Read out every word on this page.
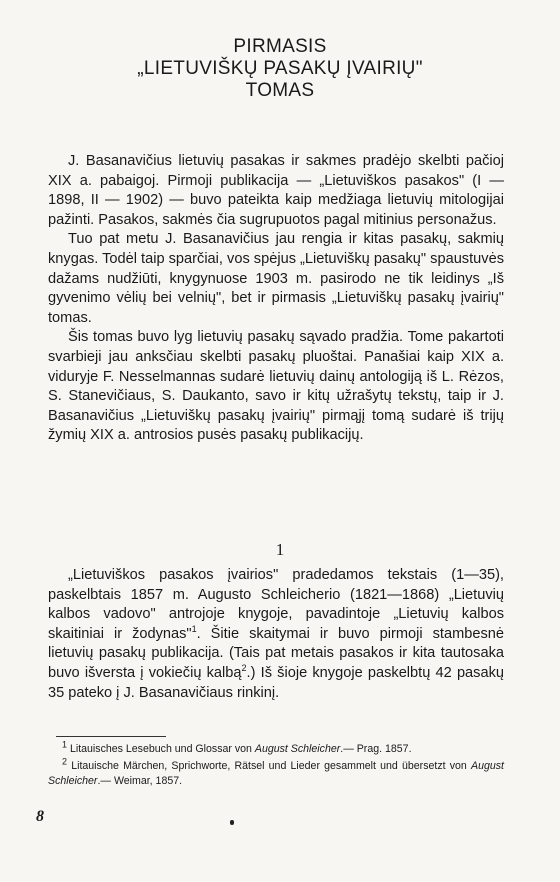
PIRMASIS
„LIETUVIŠKŲ PASAKŲ ĮVAIRIŲ"
TOMAS

J. Basanavičius lietuvių pasakas ir sakmes pradėjo skelbti pačioj XIX a. pabaigoj. Pirmoji publikacija — „Lietuviškos pasakos" (I — 1898, II — 1902) — buvo pateikta kaip medžiaga lietuvių mitologijai pažinti. Pasakos, sakmės čia sugrupuotos pagal mitinius personažus.

Tuo pat metu J. Basanavičius jau rengia ir kitas pasakų, sakmių knygas. Todėl taip sparčiai, vos spėjus „Lietuviškų pasakų" spaustuvės dažams nudžiūti, knygynuose 1903 m. pasirodo ne tik leidinys „Iš gyvenimo vėlių bei velnių", bet ir pirmasis „Lietuviškų pasakų įvairių" tomas.

Šis tomas buvo lyg lietuvių pasakų sąvado pradžia. Tome pakartoti svarbieji jau anksčiau skelbti pasakų pluoštai. Panašiai kaip XIX a. viduryje F. Nesselmannas sudarė lietuvių dainų antologiją iš L. Rėzos, S. Stanevičiaus, S. Daukanto, savo ir kitų užrašytų tekstų, taip ir J. Basanavičius „Lietuviškų pasakų įvairių" pirmąjį tomą sudarė iš trijų žymių XIX a. antrosios pusės pasakų publikacijų.

1

„Lietuviškos pasakos įvairios" pradedamos tekstais (1—35), paskelbtais 1857 m. Augusto Schleicherio (1821—1868) „Lietuvių kalbos vadovo" antrojoje knygoje, pavadintoje „Lietuvių kalbos skaitiniai ir žodynas"$^1$. Šitie skaitymai ir buvo pirmoji stambesnė lietuvių pasakų publikacija. (Tais pat metais pasakos ir kita tautosaka buvo išversta į vokiečių kalbą$^2$.) Iš šioje knygoje paskelbtų 42 pasakų 35 pateko į J. Basanavičiaus rinkinį.

$^1$ Litauisches Lesebuch und Glossar von August Schleicher.— Prag. 1857.

$^2$ Litauische Märchen, Sprichworte, Rätsel und Lieder gesammelt und übersetzt von August Schleicher.— Weimar, 1857.

8
